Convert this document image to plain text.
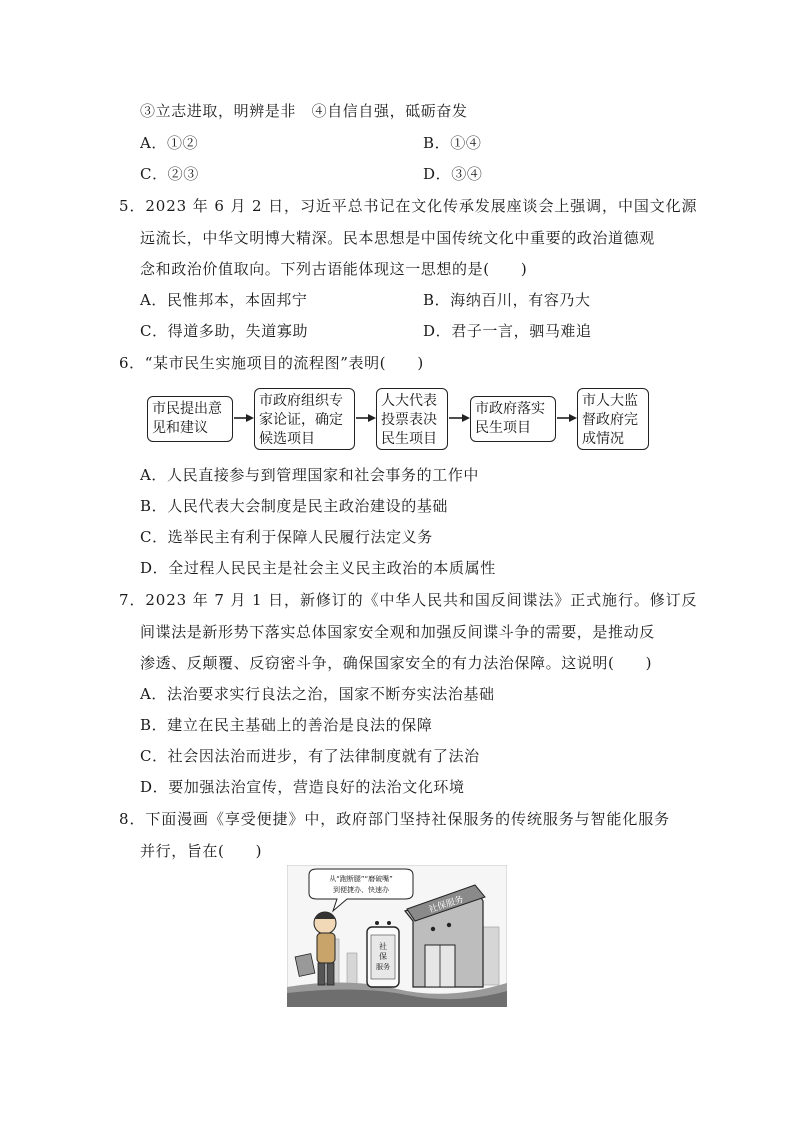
③立志进取，明辨是非　④自信自强，砥砺奋发
A．①②	B．①④
C．②③	D．③④
5．2023 年 6 月 2 日，习近平总书记在文化传承发展座谈会上强调，中国文化源
远流长，中华文明博大精深。民本思想是中国传统文化中重要的政治道德观
念和政治价值取向。下列古语能体现这一思想的是(　　)
A．民惟邦本，本固邦宁	B．海纳百川，有容乃大
C．得道多助，失道寡助	D．君子一言，驷马难追
6．“某市民生实施项目的流程图”表明(　　)
市民提出意
见和建议
市政府组织专
家论证，确定
候选项目
人大代表
投票表决
民生项目
市政府落实
民生项目
市人大监
督政府完
成情况
A．人民直接参与到管理国家和社会事务的工作中
B．人民代表大会制度是民主政治建设的基础
C．选举民主有利于保障人民履行法定义务
D．全过程人民民主是社会主义民主政治的本质属性
7．2023 年 7 月 1 日，新修订的《中华人民共和国反间谍法》正式施行。修订反
间谍法是新形势下落实总体国家安全观和加强反间谍斗争的需要，是推动反
渗透、反颠覆、反窃密斗争，确保国家安全的有力法治保障。这说明(　　)
A．法治要求实行良法之治，国家不断夯实法治基础
B．建立在民主基础上的善治是良法的保障
C．社会因法治而进步，有了法律制度就有了法治
D．要加强法治宣传，营造良好的法治文化环境
8．下面漫画《享受便捷》中，政府部门坚持社保服务的传统服务与智能化服务
并行，旨在(　　)
从“跑断腿”“磨破嘴”
到便捷办、快速办
社
保
服务
社保服务
